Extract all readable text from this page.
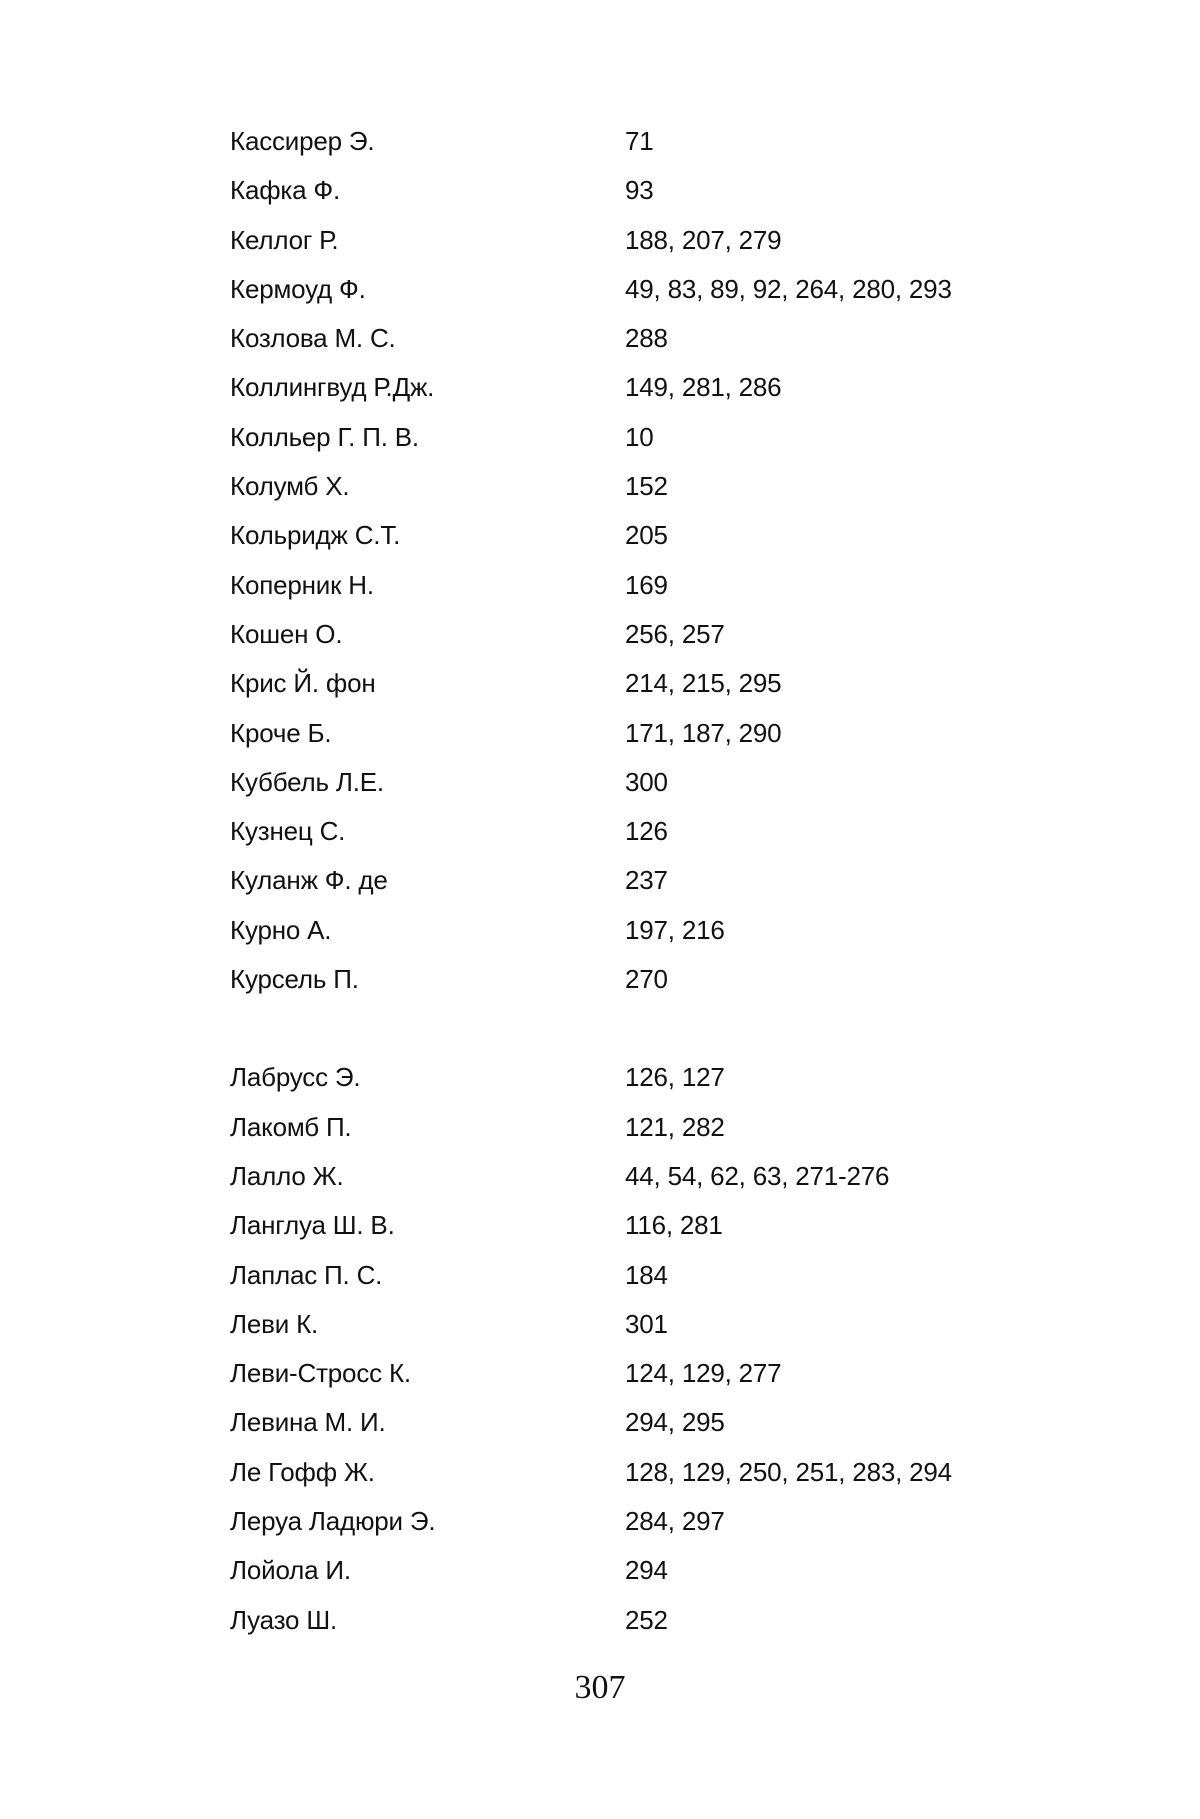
Кассирер Э.	71
Кафка Ф.	93
Келлог Р.	188, 207, 279
Кермоуд Ф.	49, 83, 89, 92, 264, 280, 293
Козлова М. С.	288
Коллингвуд Р.Дж.	149, 281, 286
Колльер Г. П. В.	10
Колумб Х.	152
Кольридж С.Т.	205
Коперник Н.	169
Кошен О.	256, 257
Крис Й. фон	214, 215, 295
Кроче Б.	171, 187, 290
Куббель Л.Е.	300
Кузнец С.	126
Куланж Ф. де	237
Курно А.	197, 216
Курсель П.	270
Лабрусс Э.	126, 127
Лакомб П.	121, 282
Лалло Ж.	44, 54, 62, 63, 271-276
Ланглуа Ш. В.	116, 281
Лаплас П. С.	184
Леви К.	301
Леви-Стросс К.	124, 129, 277
Левина М. И.	294, 295
Ле Гофф Ж.	128, 129, 250, 251, 283, 294
Леруа Ладюри Э.	284, 297
Лойола И.	294
Луазо Ш.	252
307
